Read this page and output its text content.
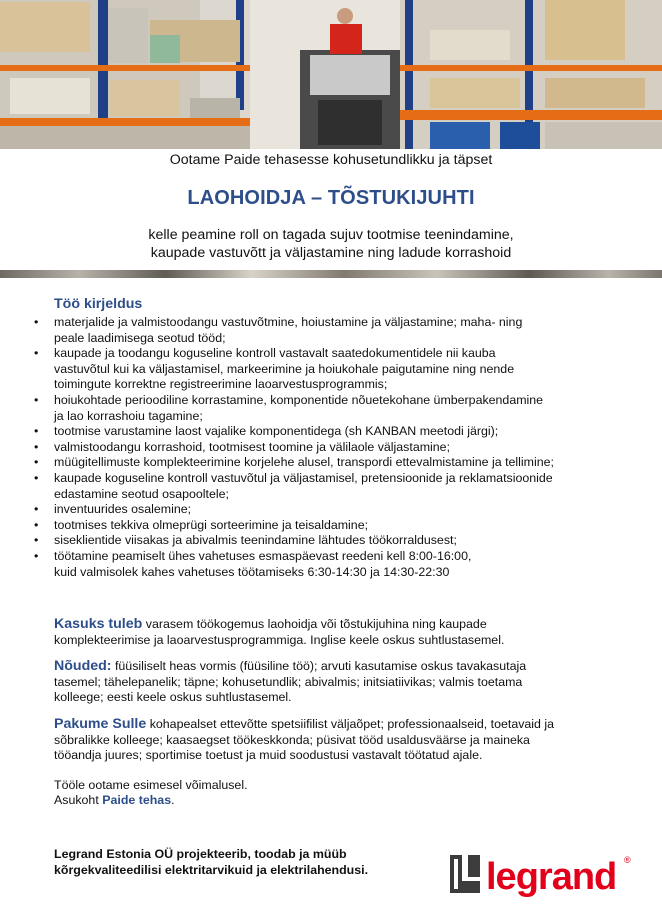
Ootame Paide tehasesse kohusetundlikku ja täpset
LAOHOIDJA – TÕSTUKIJUHTI
kelle peamine roll on tagada sujuv tootmise teenindamine,
kaupade vastuvõtt ja väljastamine ning ladude korrashoid
Töö kirjeldus
• materjalide ja valmistoodangu vastuvõtmine, hoiustamine ja väljastamine; maha- ning
peale laadimisega seotud tööd;
• kaupade ja toodangu koguseline kontroll vastavalt saatedokumentidele nii kauba
vastuvõtul kui ka väljastamisel, markeerimine ja hoiukohale paigutamine ning nende
toimingute korrektne registreerimine laoarvestusprogrammis;
• hoiukohtade perioodiline korrastamine, komponentide nõuetekohane ümberpakendamine
ja lao korrashoiu tagamine;
• tootmise varustamine laost vajalike komponentidega (sh KANBAN meetodi järgi);
• valmistoodangu korrashoid, tootmisest toomine ja välilaole väljastamine;
• müügitellimuste komplekteerimine korjelehe alusel, transpordi ettevalmistamine ja tellimine;
• kaupade koguseline kontroll vastuvõtul ja väljastamisel, pretensioonide ja reklamatsioonide
edastamine seotud osapooltele;
• inventuurides osalemine;
• tootmises tekkiva olmeprügi sorteerimine ja teisaldamine;
• siseklientide viisakas ja abivalmis teenindamine lähtudes töökorraldusest;
• töötamine peamiselt ühes vahetuses esmaspäevast reedeni kell 8:00-16:00,
kuid valmisolek kahes vahetuses töötamiseks 6:30-14:30 ja 14:30-22:30

Kasuks tuleb varasem töökogemus laohoidja või tõstukijuhina ning kaupade
komplekteerimise ja laoarvestusprogrammiga. Inglise keele oskus suhtlustasemel.

Nõuded: füüsiliselt heas vormis (füüsiline töö); arvuti kasutamise oskus tavakasutaja
tasemel; tähelepanelik; täpne; kohusetundlik; abivalmis; initsiatiivikas; valmis toetama
kolleege; eesti keele oskus suhtlustasemel.

Pakume Sulle kohapealset ettevõtte spetsiifilist väljaõpet; professionaalseid, toetavaid ja
sõbralikke kolleege; kaasaegset töökeskkonda; püsivat tööd usaldusväärse ja maineka
tööandja juures; sportimise toetust ja muid soodustusi vastavalt töötatud ajale.

Tööle ootame esimesel võimalusel.
Asukoht Paide tehas.

Legrand Estonia OÜ projekteerib, toodab ja müüb
kõrgekvaliteedilisi elektritarvikuid ja elektrilahendusi.	legrand ®
